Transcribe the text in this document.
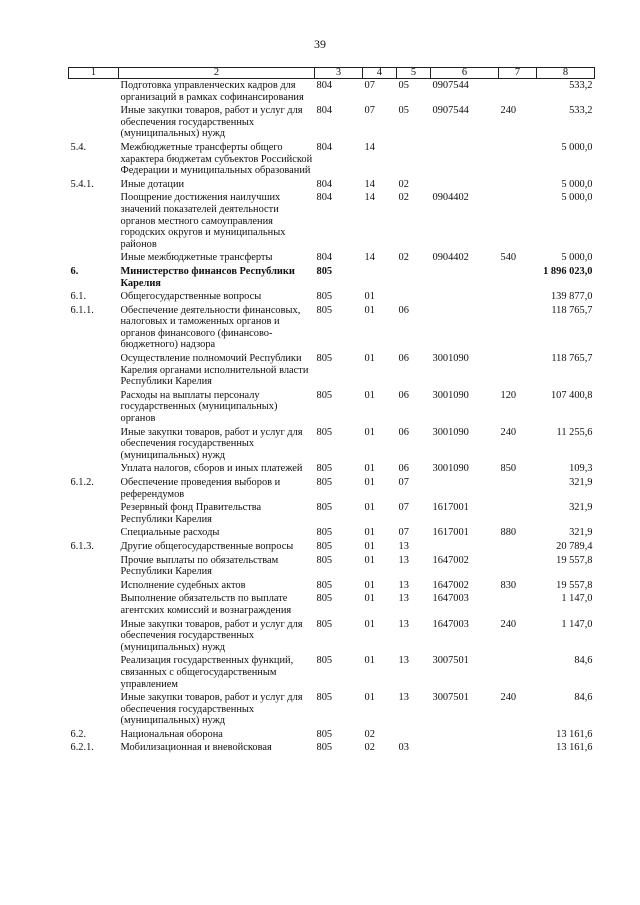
39
1	2	3	4	5	6	7	8
	Подготовка управленческих кадров для организаций в рамках софинансирования	804	07	05	0907544		533,2
	Иные закупки товаров, работ и услуг для обеспечения государственных (муниципальных) нужд	804	07	05	0907544	240	533,2
5.4.	Межбюджетные трансферты общего характера бюджетам субъектов Российской Федерации и муниципальных образований	804	14				5 000,0
5.4.1.	Иные дотации	804	14	02			5 000,0
	Поощрение достижения наилучших значений показателей деятельности органов местного самоуправления городских округов и муниципальных районов	804	14	02	0904402		5 000,0
	Иные межбюджетные трансферты	804	14	02	0904402	540	5 000,0
6.	Министерство финансов Республики Карелия	805					1 896 023,0
6.1.	Общегосударственные вопросы	805	01				139 877,0
6.1.1.	Обеспечение деятельности финансовых, налоговых и таможенных органов и органов финансового (финансово-бюджетного) надзора	805	01	06			118 765,7
	Осуществление полномочий Республики Карелия органами исполнительной власти Республики Карелия	805	01	06	3001090		118 765,7
	Расходы на выплаты персоналу государственных (муниципальных) органов	805	01	06	3001090	120	107 400,8
	Иные закупки товаров, работ и услуг для обеспечения государственных (муниципальных) нужд	805	01	06	3001090	240	11 255,6
	Уплата налогов, сборов и иных платежей	805	01	06	3001090	850	109,3
6.1.2.	Обеспечение проведения выборов и референдумов	805	01	07			321,9
	Резервный фонд Правительства Республики Карелия	805	01	07	1617001		321,9
	Специальные расходы	805	01	07	1617001	880	321,9
6.1.3.	Другие общегосударственные вопросы	805	01	13			20 789,4
	Прочие выплаты по обязательствам Республики Карелия	805	01	13	1647002		19 557,8
	Исполнение судебных актов	805	01	13	1647002	830	19 557,8
	Выполнение обязательств по выплате агентских комиссий и вознаграждения	805	01	13	1647003		1 147,0
	Иные закупки товаров, работ и услуг для обеспечения государственных (муниципальных) нужд	805	01	13	1647003	240	1 147,0
	Реализация государственных функций, связанных с общегосударственным управлением	805	01	13	3007501		84,6
	Иные закупки товаров, работ и услуг для обеспечения государственных (муниципальных) нужд	805	01	13	3007501	240	84,6
6.2.	Национальная оборона	805	02				13 161,6
6.2.1.	Мобилизационная и вневойсковая	805	02	03			13 161,6
